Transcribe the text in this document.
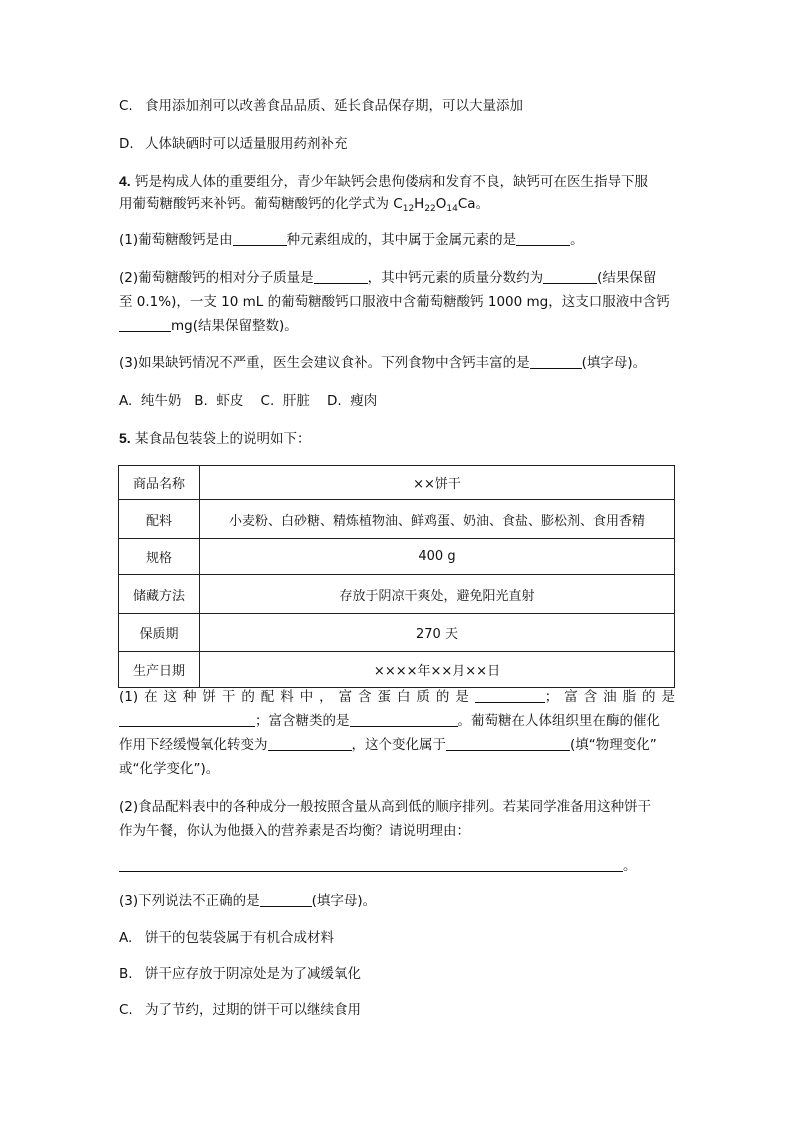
C. 食用添加剂可以改善食品品质、延长食品保存期，可以大量添加
D. 人体缺硒时可以适量服用药剂补充
4. 钙是构成人体的重要组分，青少年缺钙会患佝偻病和发育不良，缺钙可在医生指导下服
用葡萄糖酸钙来补钙。葡萄糖酸钙的化学式为 $C_{12}H_{22}O_{14}Ca$。
(1)葡萄糖酸钙是由	种元素组成的，其中属于金属元素的是	。
(2)葡萄糖酸钙的相对分子质量是	，其中钙元素的质量分数约为	(结果保留
至 0.1%)，一支 10 mL 的葡萄糖酸钙口服液中含葡萄糖酸钙 1000 mg，这支口服液中含钙
mg(结果保留整数)。
(3)如果缺钙情况不严重，医生会建议食补。下列食物中含钙丰富的是	(填字母)。
A.  纯牛奶   B.  虾皮    C.  肝脏    D.  瘦肉
5. 某食品包装袋上的说明如下：
商品名称	××饼干
配料	小麦粉、白砂糖、精炼植物油、鲜鸡蛋、奶油、食盐、膨松剂、食用香精
规格	400 g
储藏方法	存放于阴凉干爽处，避免阳光直射
保质期	270 天
生产日期	××××年××月××日
(1)在这种饼干的配料中，富含蛋白质的是	；富含油脂的是
；富含糖类的是	。葡萄糖在人体组织里在酶的催化
作用下经缓慢氧化转变为	，这个变化属于	(填“物理变化”
或“化学变化”)。
(2)食品配料表中的各种成分一般按照含量从高到低的顺序排列。若某同学准备用这种饼干
作为午餐，你认为他摄入的营养素是否均衡？请说明理由：
。
(3)下列说法不正确的是	(填字母)。
A. 饼干的包装袋属于有机合成材料
B. 饼干应存放于阴凉处是为了减缓氧化
C. 为了节约，过期的饼干可以继续食用
